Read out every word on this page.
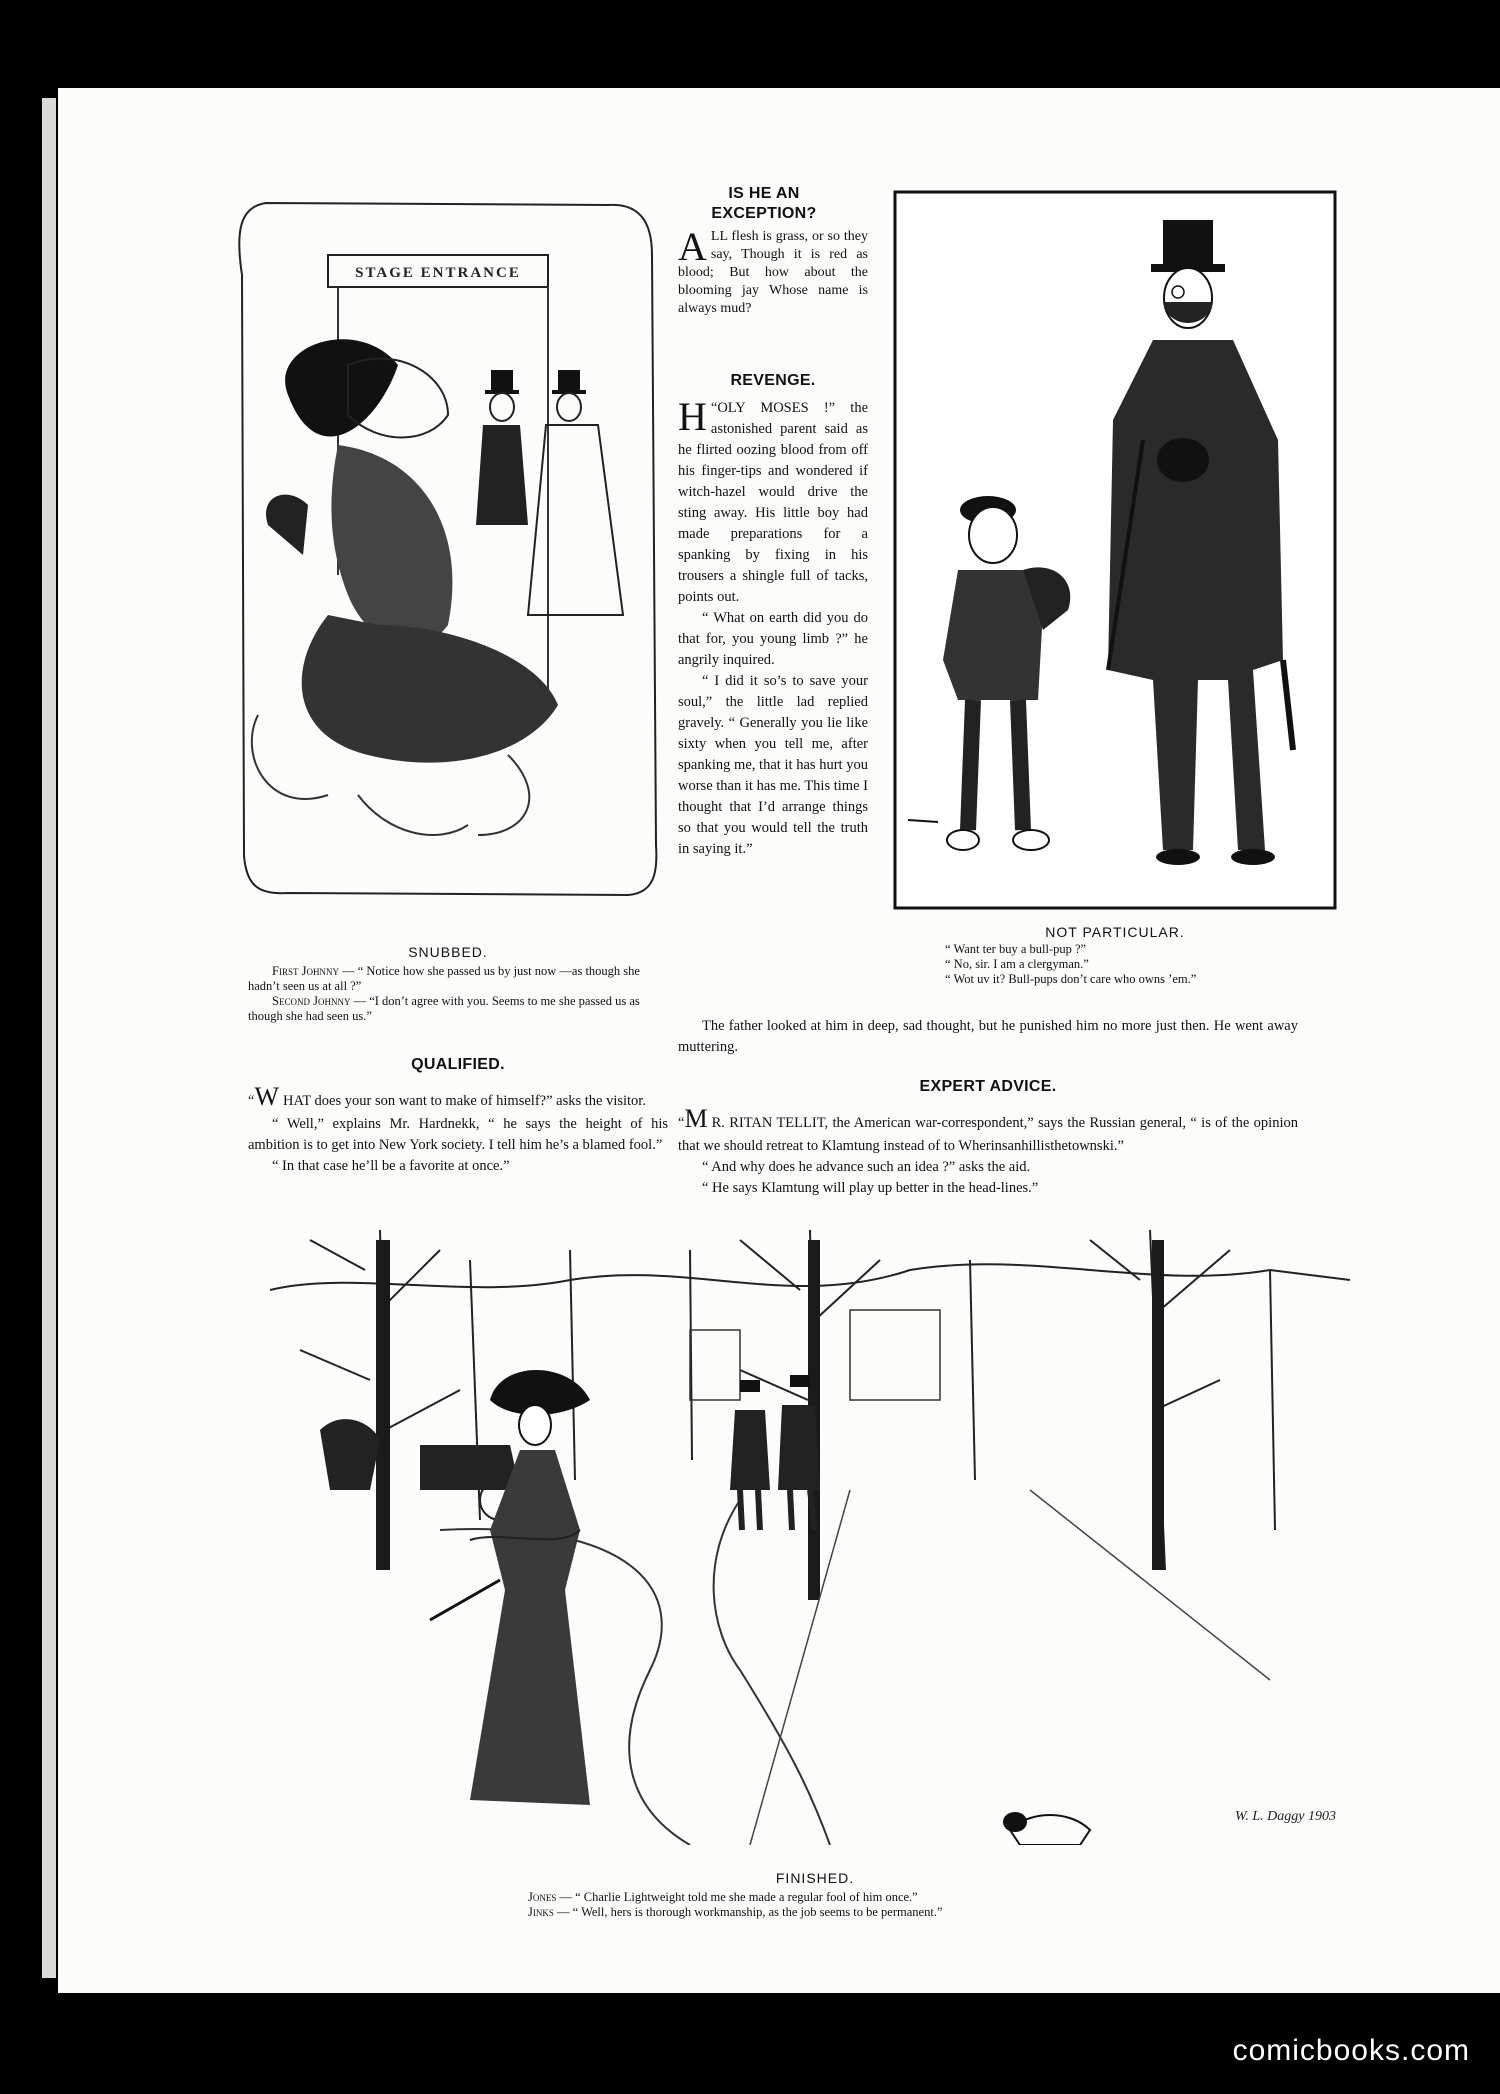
STAGE ENTRANCE
SNUBBED.

First Johnny — “ Notice how she passed us by just now —as though she hadn’t seen us at all ?”

Second Johnny — “I don’t agree with you. Seems to me she passed us as though she had seen us.”

QUALIFIED.

“W HAT does your son want to make of himself?” asks the visitor.

“ Well,” explains Mr. Hardnekk, “ he says the height of his ambition is to get into New York society. I tell him he’s a blamed fool.”

“ In that case he’ll be a favorite at once.”

IS HE AN EXCEPTION?
ALL flesh is grass, or so they say, Though it is red as blood; But how about the blooming jay Whose name is always mud?
REVENGE.

“
H OLY MOSES !” the astonished parent said as he flirted oozing blood from off his finger-tips and wondered if witch-hazel would drive the sting away. His little boy had made preparations for a spanking by fixing in his trousers a shingle full of tacks, points out.

“ What on earth did you do that for, you young limb ?” he angrily inquired.

“ I did it so’s to save your soul,” the little lad replied gravely. “ Generally you lie like sixty when you tell me, after spanking me, that it has hurt you worse than it has me. This time I thought that I’d arrange things so that you would tell the truth in saying it.”

The father looked at him in deep, sad thought, but he punished him no more just then. He went away muttering.

NOT PARTICULAR.
“ Want ter buy a bull-pup ?”
“ No, sir. I am a clergyman.”
“ Wot uv it? Bull-pups don’t care who owns ’em.”
EXPERT ADVICE.

“M R. RITAN TELLIT, the American war-correspondent,” says the Russian general, “ is of the opinion that we should retreat to Klamtung instead of to Wherinsanhillisthetownski.”

“ And why does he advance such an idea ?” asks the aid.

“ He says Klamtung will play up better in the head-lines.”

W. L. Daggy 1903
FINISHED.
Jones — “ Charlie Lightweight told me she made a regular fool of him once.”
Jinks — “ Well, hers is thorough workmanship, as the job seems to be permanent.”
comicbooks.com
